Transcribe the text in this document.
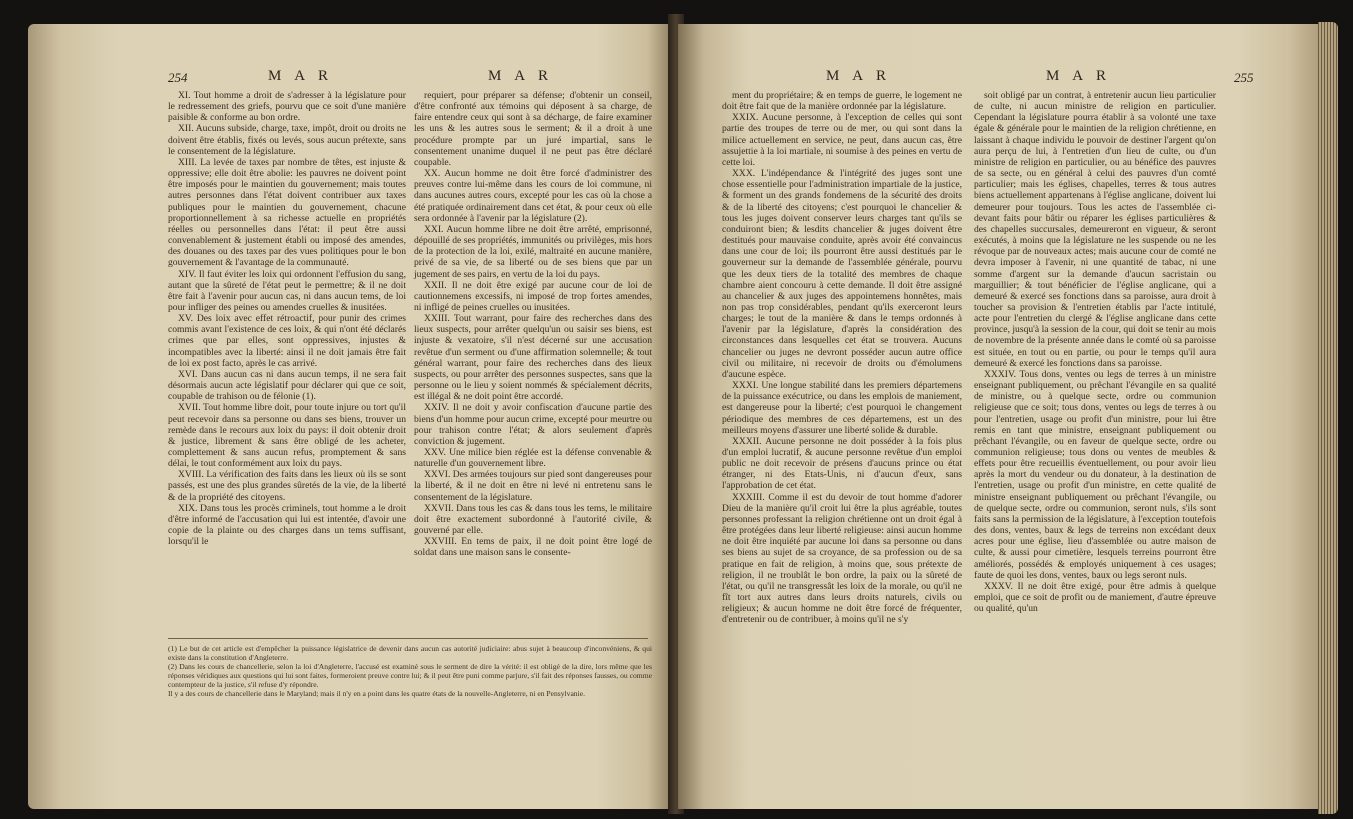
254	M A R	M A R

XI. Tout homme a droit de s'adresser à la législature pour le redressement des griefs, pourvu que ce soit d'une manière paisible & conforme au bon ordre.

XII. Aucuns subside, charge, taxe, impôt, droit ou droits ne doivent être établis, fixés ou levés, sous aucun prétexte, sans le consentement de la législature.

XIII. La levée de taxes par nombre de têtes, est injuste & oppressive; elle doit être abolie: les pauvres ne doivent point être imposés pour le maintien du gouvernement; mais toutes autres personnes dans l'état doivent contribuer aux taxes publiques pour le maintien du gouvernement, chacune proportionnellement à sa richesse actuelle en propriétés réelles ou personnelles dans l'état: il peut être aussi convenablement & justement établi ou imposé des amendes, des douanes ou des taxes par des vues politiques pour le bon gouvernement & l'avantage de la communauté.

XIV. Il faut éviter les loix qui ordonnent l'effusion du sang, autant que la sûreté de l'état peut le permettre; & il ne doit être fait à l'avenir pour aucun cas, ni dans aucun tems, de loi pour infliger des peines ou amendes cruelles & inusitées.

XV. Des loix avec effet rétroactif, pour punir des crimes commis avant l'existence de ces loix, & qui n'ont été déclarés crimes que par elles, sont oppressives, injustes & incompatibles avec la liberté: ainsi il ne doit jamais être fait de loi ex post facto, après le cas arrivé.

XVI. Dans aucun cas ni dans aucun temps, il ne sera fait désormais aucun acte législatif pour déclarer qui que ce soit, coupable de trahison ou de félonie (1).

XVII. Tout homme libre doit, pour toute injure ou tort qu'il peut recevoir dans sa personne ou dans ses biens, trouver un remède dans le recours aux loix du pays: il doit obtenir droit & justice, librement & sans être obligé de les acheter, complettement & sans aucun refus, promptement & sans délai, le tout conformément aux loix du pays.

XVIII. La vérification des faits dans les lieux où ils se sont passés, est une des plus grandes sûretés de la vie, de la liberté & de la propriété des citoyens.

XIX. Dans tous les procès criminels, tout homme a le droit d'être informé de l'accusation qui lui est intentée, d'avoir une copie de la plainte ou des charges dans un tems suffisant, lorsqu'il le

requiert, pour préparer sa défense; d'obtenir un conseil, d'être confronté aux témoins qui déposent à sa charge, de faire entendre ceux qui sont à sa décharge, de faire examiner les uns & les autres sous le serment; & il a droit à une procédure prompte par un juré impartial, sans le consentement unanime duquel il ne peut pas être déclaré coupable.

XX. Aucun homme ne doit être forcé d'administrer des preuves contre lui-même dans les cours de loi commune, ni dans aucunes autres cours, excepté pour les cas où la chose a été pratiquée ordinairement dans cet état, & pour ceux où elle sera ordonnée à l'avenir par la législature (2).

XXI. Aucun homme libre ne doit être arrêté, emprisonné, dépouillé de ses propriétés, immunités ou privilèges, mis hors de la protection de la loi, exilé, maltraité en aucune manière, privé de sa vie, de sa liberté ou de ses biens que par un jugement de ses pairs, en vertu de la loi du pays.

XXII. Il ne doit être exigé par aucune cour de loi de cautionnemens excessifs, ni imposé de trop fortes amendes, ni infligé de peines cruelles ou inusitées.

XXIII. Tout warrant, pour faire des recherches dans des lieux suspects, pour arrêter quelqu'un ou saisir ses biens, est injuste & vexatoire, s'il n'est décerné sur une accusation revêtue d'un serment ou d'une affirmation solemnelle; & tout général warrant, pour faire des recherches dans des lieux suspects, ou pour arrêter des personnes suspectes, sans que la personne ou le lieu y soient nommés & spécialement décrits, est illégal & ne doit point être accordé.

XXIV. Il ne doit y avoir confiscation d'aucune partie des biens d'un homme pour aucun crime, excepté pour meurtre ou pour trahison contre l'état; & alors seulement d'après conviction & jugement.

XXV. Une milice bien réglée est la défense convenable & naturelle d'un gouvernement libre.

XXVI. Des armées toujours sur pied sont dangereuses pour la liberté, & il ne doit en être ni levé ni entretenu sans le consentement de la législature.

XXVII. Dans tous les cas & dans tous les tems, le militaire doit être exactement subordonné à l'autorité civile, & gouverné par elle.

XXVIII. En tems de paix, il ne doit point être logé de soldat dans une maison sans le consente-

(1) Le but de cet article est d'empêcher la puissance législatrice de devenir dans aucun cas autorité judiciaire: abus sujet à beaucoup d'inconvéniens, & qui existe dans la constitution d'Angleterre.

(2) Dans les cours de chancellerie, selon la loi d'Angleterre, l'accusé est examiné sous le serment de dire la vérité: il est obligé de la dire, lors même que les réponses véridiques aux questions qui lui sont faites, formeroient preuve contre lui; & il peut être puni comme parjure, s'il fait des réponses fausses, ou comme contempteur de la justice, s'il refuse d'y répondre.

Il y a des cours de chancellerie dans le Maryland; mais il n'y en a point dans les quatre états de la nouvelle-Angleterre, ni en Pensylvanie.

M A R	M A R	255

ment du propriétaire; & en temps de guerre, le logement ne doit être fait que de la manière ordonnée par la législature.

XXIX. Aucune personne, à l'exception de celles qui sont partie des troupes de terre ou de mer, ou qui sont dans la milice actuellement en service, ne peut, dans aucun cas, être assujettie à la loi martiale, ni soumise à des peines en vertu de cette loi.

XXX. L'indépendance & l'intégrité des juges sont une chose essentielle pour l'administration impartiale de la justice, & forment un des grands fondemens de la sécurité des droits & de la liberté des citoyens; c'est pourquoi le chancelier & tous les juges doivent conserver leurs charges tant qu'ils se conduiront bien; & lesdits chancelier & juges doivent être destitués pour mauvaise conduite, après avoir été convaincus dans une cour de loi; ils pourront être aussi destitués par le gouverneur sur la demande de l'assemblée générale, pourvu que les deux tiers de la totalité des membres de chaque chambre aient concouru à cette demande. Il doit être assigné au chancelier & aux juges des appointemens honnêtes, mais non pas trop considérables, pendant qu'ils exerceront leurs charges; le tout de la manière & dans le temps ordonnés à l'avenir par la législature, d'après la considération des circonstances dans lesquelles cet état se trouvera. Aucuns chancelier ou juges ne devront posséder aucun autre office civil ou militaire, ni recevoir de droits ou d'émolumens d'aucune espèce.

XXXI. Une longue stabilité dans les premiers départemens de la puissance exécutrice, ou dans les emplois de maniement, est dangereuse pour la liberté; c'est pourquoi le changement périodique des membres de ces départemens, est un des meilleurs moyens d'assurer une liberté solide & durable.

XXXII. Aucune personne ne doit posséder à la fois plus d'un emploi lucratif, & aucune personne revêtue d'un emploi public ne doit recevoir de présens d'aucuns prince ou état étranger, ni des Etats-Unis, ni d'aucun d'eux, sans l'approbation de cet état.

XXXIII. Comme il est du devoir de tout homme d'adorer Dieu de la manière qu'il croit lui être la plus agréable, toutes personnes professant la religion chrétienne ont un droit égal à être protégées dans leur liberté religieuse: ainsi aucun homme ne doit être inquiété par aucune loi dans sa personne ou dans ses biens au sujet de sa croyance, de sa profession ou de sa pratique en fait de religion, à moins que, sous prétexte de religion, il ne troublât le bon ordre, la paix ou la sûreté de l'état, ou qu'il ne transgressât les loix de la morale, ou qu'il ne fît tort aux autres dans leurs droits naturels, civils ou religieux; & aucun homme ne doit être forcé de fréquenter, d'entretenir ou de contribuer, à moins qu'il ne s'y

soit obligé par un contrat, à entretenir aucun lieu particulier de culte, ni aucun ministre de religion en particulier. Cependant la législature pourra établir à sa volonté une taxe égale & générale pour le maintien de la religion chrétienne, en laissant à chaque individu le pouvoir de destiner l'argent qu'on aura perçu de lui, à l'entretien d'un lieu de culte, ou d'un ministre de religion en particulier, ou au bénéfice des pauvres de sa secte, ou en général à celui des pauvres d'un comté particulier; mais les églises, chapelles, terres & tous autres biens actuellement appartenans à l'église anglicane, doivent lui demeurer pour toujours. Tous les actes de l'assemblée ci-devant faits pour bâtir ou réparer les églises particulières & des chapelles succursales, demeureront en vigueur, & seront exécutés, à moins que la législature ne les suspende ou ne les révoque par de nouveaux actes; mais aucune cour de comté ne devra imposer à l'avenir, ni une quantité de tabac, ni une somme d'argent sur la demande d'aucun sacristain ou marguillier; & tout bénéficier de l'église anglicane, qui a demeuré & exercé ses fonctions dans sa paroisse, aura droit à toucher sa provision & l'entretien établis par l'acte intitulé, acte pour l'entretien du clergé & l'église anglicane dans cette province, jusqu'à la session de la cour, qui doit se tenir au mois de novembre de la présente année dans le comté où sa paroisse est située, en tout ou en partie, ou pour le temps qu'il aura demeuré & exercé les fonctions dans sa paroisse.

XXXIV. Tous dons, ventes ou legs de terres à un ministre enseignant publiquement, ou prêchant l'évangile en sa qualité de ministre, ou à quelque secte, ordre ou communion religieuse que ce soit; tous dons, ventes ou legs de terres à ou pour l'entretien, usage ou profit d'un ministre, pour lui être remis en tant que ministre, enseignant publiquement ou prêchant l'évangile, ou en faveur de quelque secte, ordre ou communion religieuse; tous dons ou ventes de meubles & effets pour être recueillis éventuellement, ou pour avoir lieu après la mort du vendeur ou du donateur, à la destination de l'entretien, usage ou profit d'un ministre, en cette qualité de ministre enseignant publiquement ou prêchant l'évangile, ou de quelque secte, ordre ou communion, seront nuls, s'ils sont faits sans la permission de la législature, à l'exception toutefois des dons, ventes, baux & legs de terreins non excédant deux acres pour une église, lieu d'assemblée ou autre maison de culte, & aussi pour cimetière, lesquels terreins pourront être améliorés, possédés & employés uniquement à ces usages; faute de quoi les dons, ventes, baux ou legs seront nuls.

XXXV. Il ne doit être exigé, pour être admis à quelque emploi, que ce soit de profit ou de maniement, d'autre épreuve ou qualité, qu'un
